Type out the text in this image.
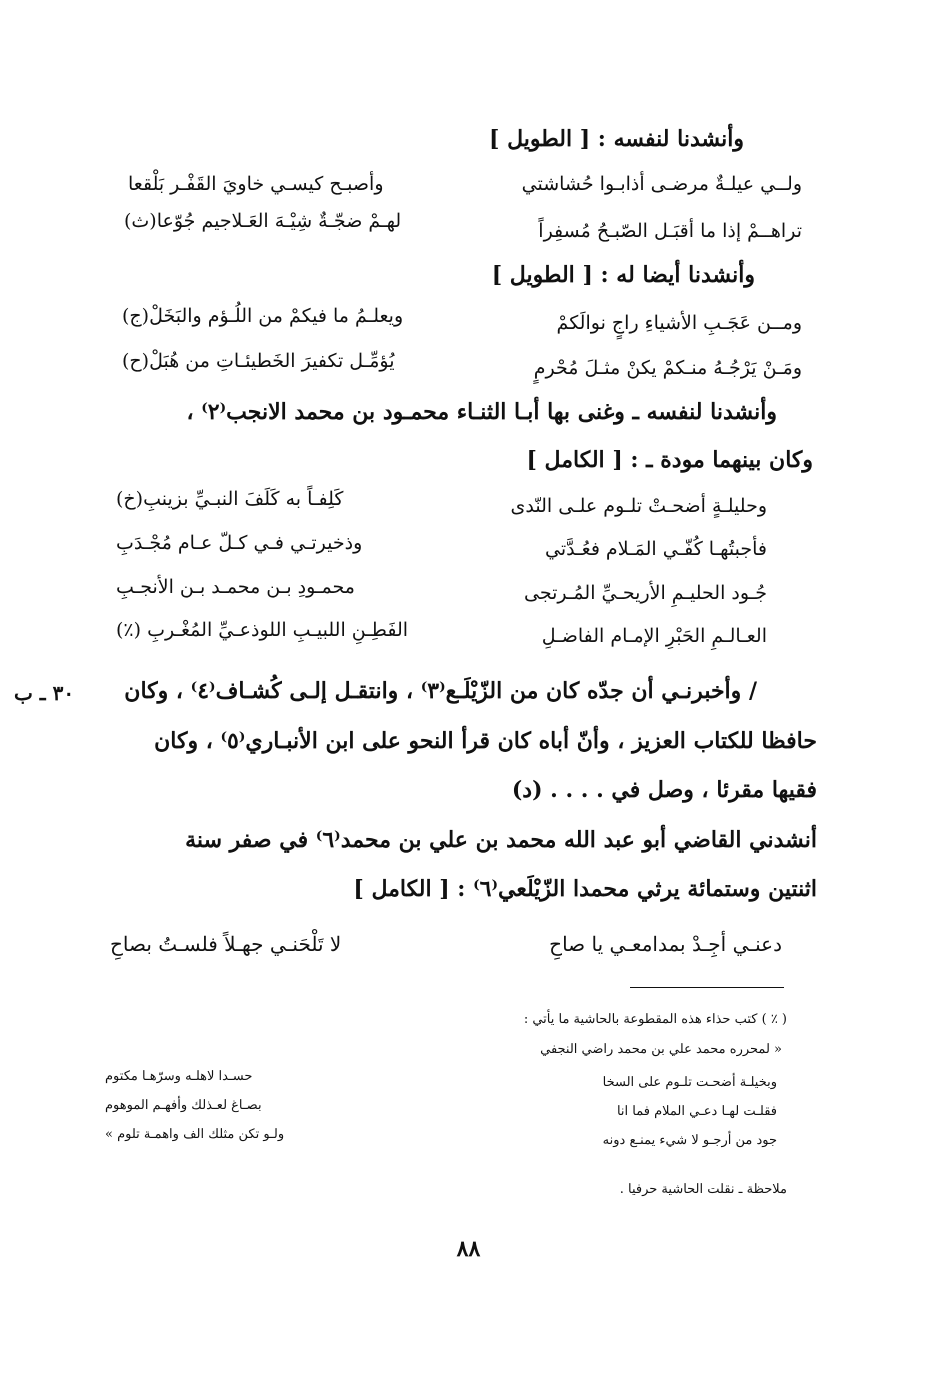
وأنشدنا لنفسه : [ الطويل ]
ولــي عيلـةٌ مرضـى أذابـوا حُشاشتي
وأصبـح كيسـي خاويَ القَفْـر بَلْقعا
تراهــمْ إذا ما أقبَـل الصّبـحُ مُسفِراً
لهـمْ ضجّـةٌ شِيْـهَ العَـلاجيم جُوّعا(ث)
وأنشدنا أيضا له : [ الطويل ]
ومــن عَجَـبِ الأشياءِ راجٍ نوالَكمْ
ويعلـمُ ما فيكمْ من اللُـؤم والبَخَلْ(ج)
ومَـنْ يَرْجُـهُ منـكمْ يكنْ مثـلَ مُحْرمٍ
يُؤمِّـل تكفيرَ الخَطيئـاتِ من هُبَلْ(ح)
وأنشدنا لنفسه ـ وغنى بها أبـا الثنـاء محمـود بن محمد الانجب⁽٢⁾ ،
وكان بينهما مودة ـ : [ الكامل ]
وحليلـةٍ أضحـتْ تلـوم علـى النّدى
كَلِفـاً به كَلَفَ النبـيِّ بزينبِ(خ)
فأجبتُهـا كُفّـي المَـلام فعُـدَّتي
وذخيرتـي فـي كـلّ عـام مُجْـدَبِ
جُـود الحليـمِ الأريحـيِّ المُـرتجى
محمـودِ بـن محمـد بـن الأنجـبِ
العـالـمِ الحَبْرِ الإمـام الفاضـلِ
الفَطِـنِ اللبيـبِ اللوذعـيِّ المُغْـربِ (٪)
٣٠ ـ ب / وأخبرنـي أن جدّه كان من الزّيْلَـع⁽٣⁾ ، وانتقـل إلـى كُشـاف⁽٤⁾ ، وكان
حافظا للكتاب العزيز ، وأنّ أباه كان قرأ النحو على ابن الأنبـاري⁽٥⁾ ، وكان
فقيها مقرئا ، وصل في . . . . (د)
أنشدني القاضي أبو عبد الله محمد بن علي بن محمد⁽٦⁾ في صفر سنة
اثنتين وستمائة يرثي محمدا الزّيْلَعي⁽٦⁾ : [ الكامل ]
دعنـي أجِـدْ بمدامعـي يا صاحِ
لا تَلْحَنـي جهـلاً فلسـتُ بصاحِ
( ٪ ) كتب حذاء هذه المقطوعة بالحاشية ما يأتي :
« لمحرره محمد علي بن محمد راضي النجفي
وبخيلـة أضحـت تلـوم على السخا
حسـدا لاهلـه وسرّهـا مكتوم
فقلـت لهـا دعـي الملام فما انا
بصـاغ لعـذلك وأفهـم الموهوم
جود من أرجـو لا شيء يمنـع دونه
ولـو تكن مثلك الف واهمـة تلوم »
ملاحظة ـ نقلت الحاشية حرفيا .
٨٨
